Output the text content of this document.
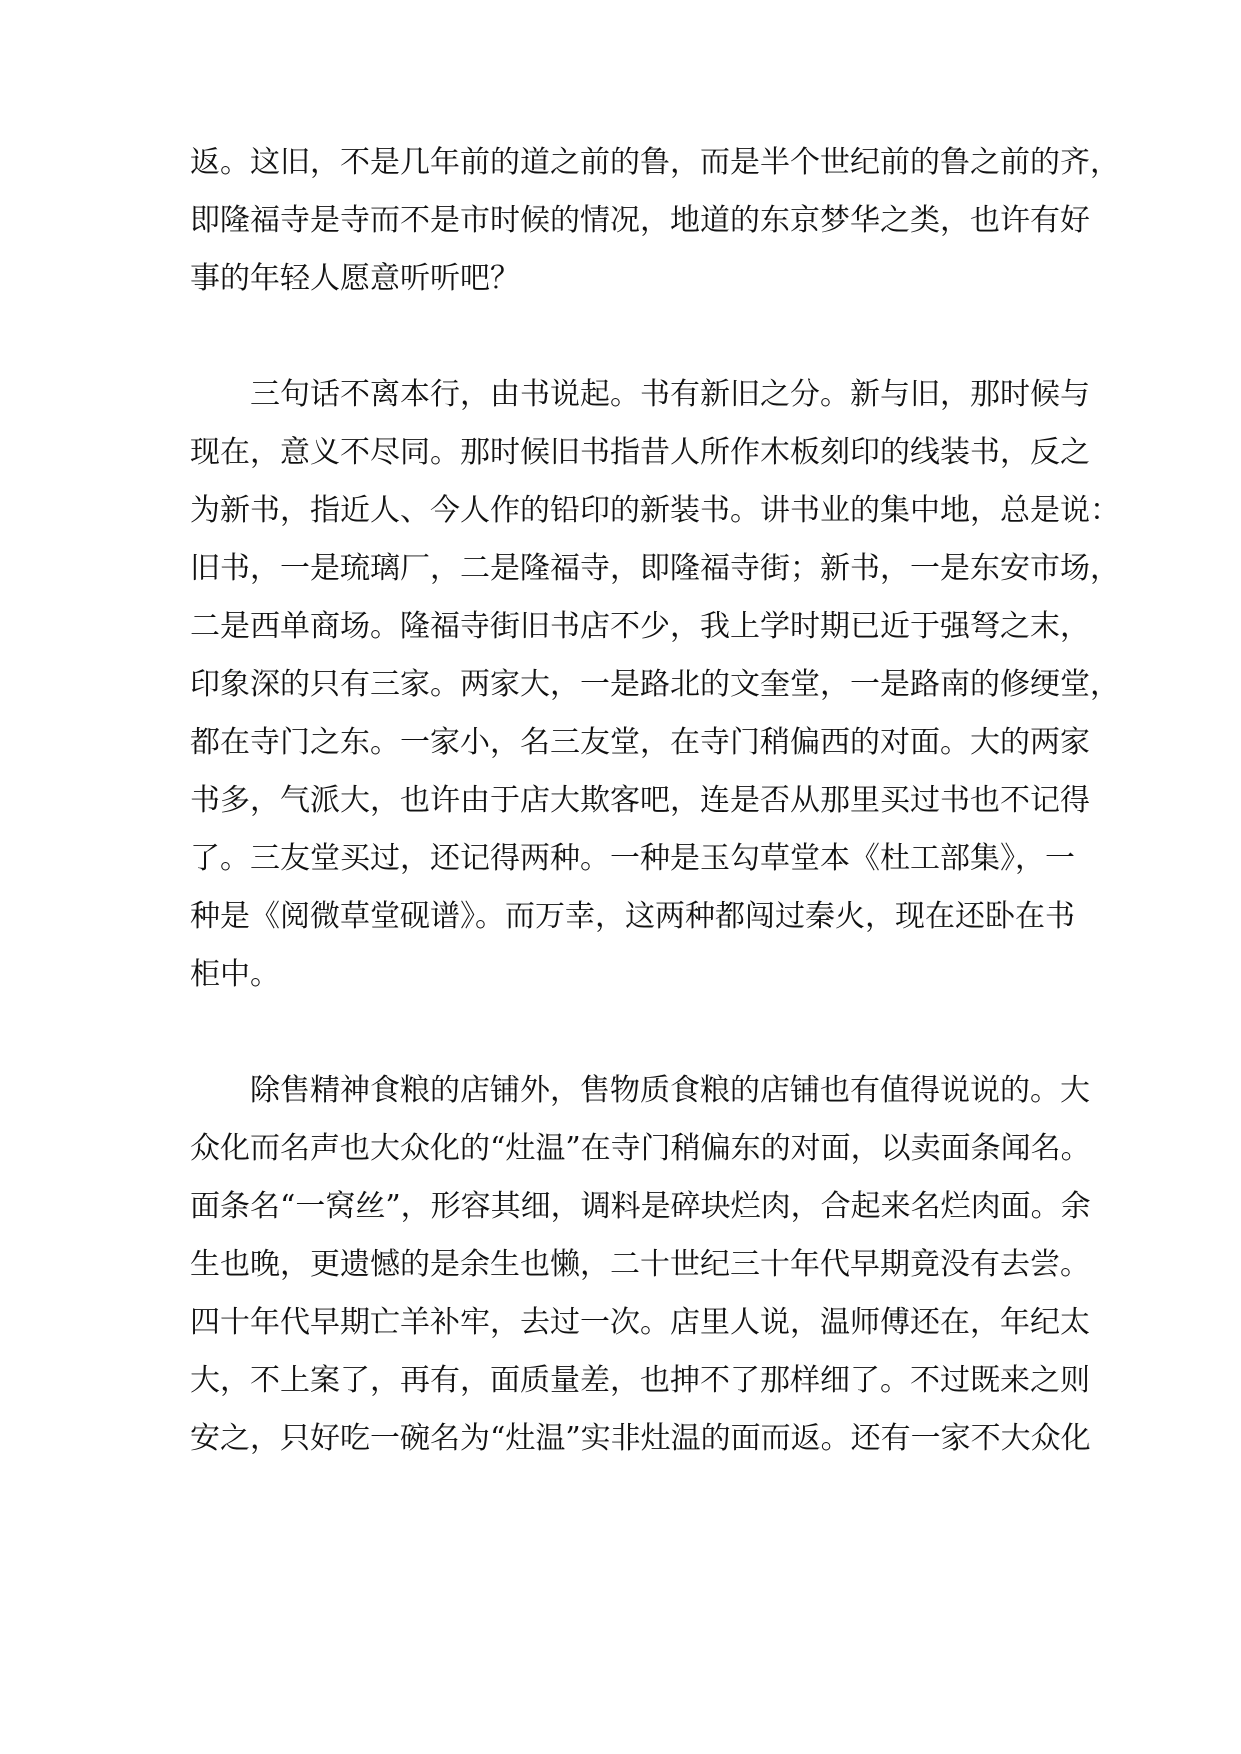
返。这旧，不是几年前的道之前的鲁，而是半个世纪前的鲁之前的齐，
即隆福寺是寺而不是市时候的情况，地道的东京梦华之类，也许有好
事的年轻人愿意听听吧？
　　三句话不离本行，由书说起。书有新旧之分。新与旧，那时候与
现在，意义不尽同。那时候旧书指昔人所作木板刻印的线装书，反之
为新书，指近人、今人作的铅印的新装书。讲书业的集中地，总是说：
旧书，一是琉璃厂，二是隆福寺，即隆福寺街；新书，一是东安市场，
二是西单商场。隆福寺街旧书店不少，我上学时期已近于强弩之末，
印象深的只有三家。两家大，一是路北的文奎堂，一是路南的修绠堂，
都在寺门之东。一家小，名三友堂，在寺门稍偏西的对面。大的两家
书多，气派大，也许由于店大欺客吧，连是否从那里买过书也不记得
了。三友堂买过，还记得两种。一种是玉勾草堂本《杜工部集》，一
种是《阅微草堂砚谱》。而万幸，这两种都闯过秦火，现在还卧在书
柜中。
　　除售精神食粮的店铺外，售物质食粮的店铺也有值得说说的。大
众化而名声也大众化的“灶温”在寺门稍偏东的对面，以卖面条闻名。
面条名“一窝丝”，形容其细，调料是碎块烂肉，合起来名烂肉面。余
生也晚，更遗憾的是余生也懒，二十世纪三十年代早期竟没有去尝。
四十年代早期亡羊补牢，去过一次。店里人说，温师傅还在，年纪太
大，不上案了，再有，面质量差，也抻不了那样细了。不过既来之则
安之，只好吃一碗名为“灶温”实非灶温的面而返。还有一家不大众化
